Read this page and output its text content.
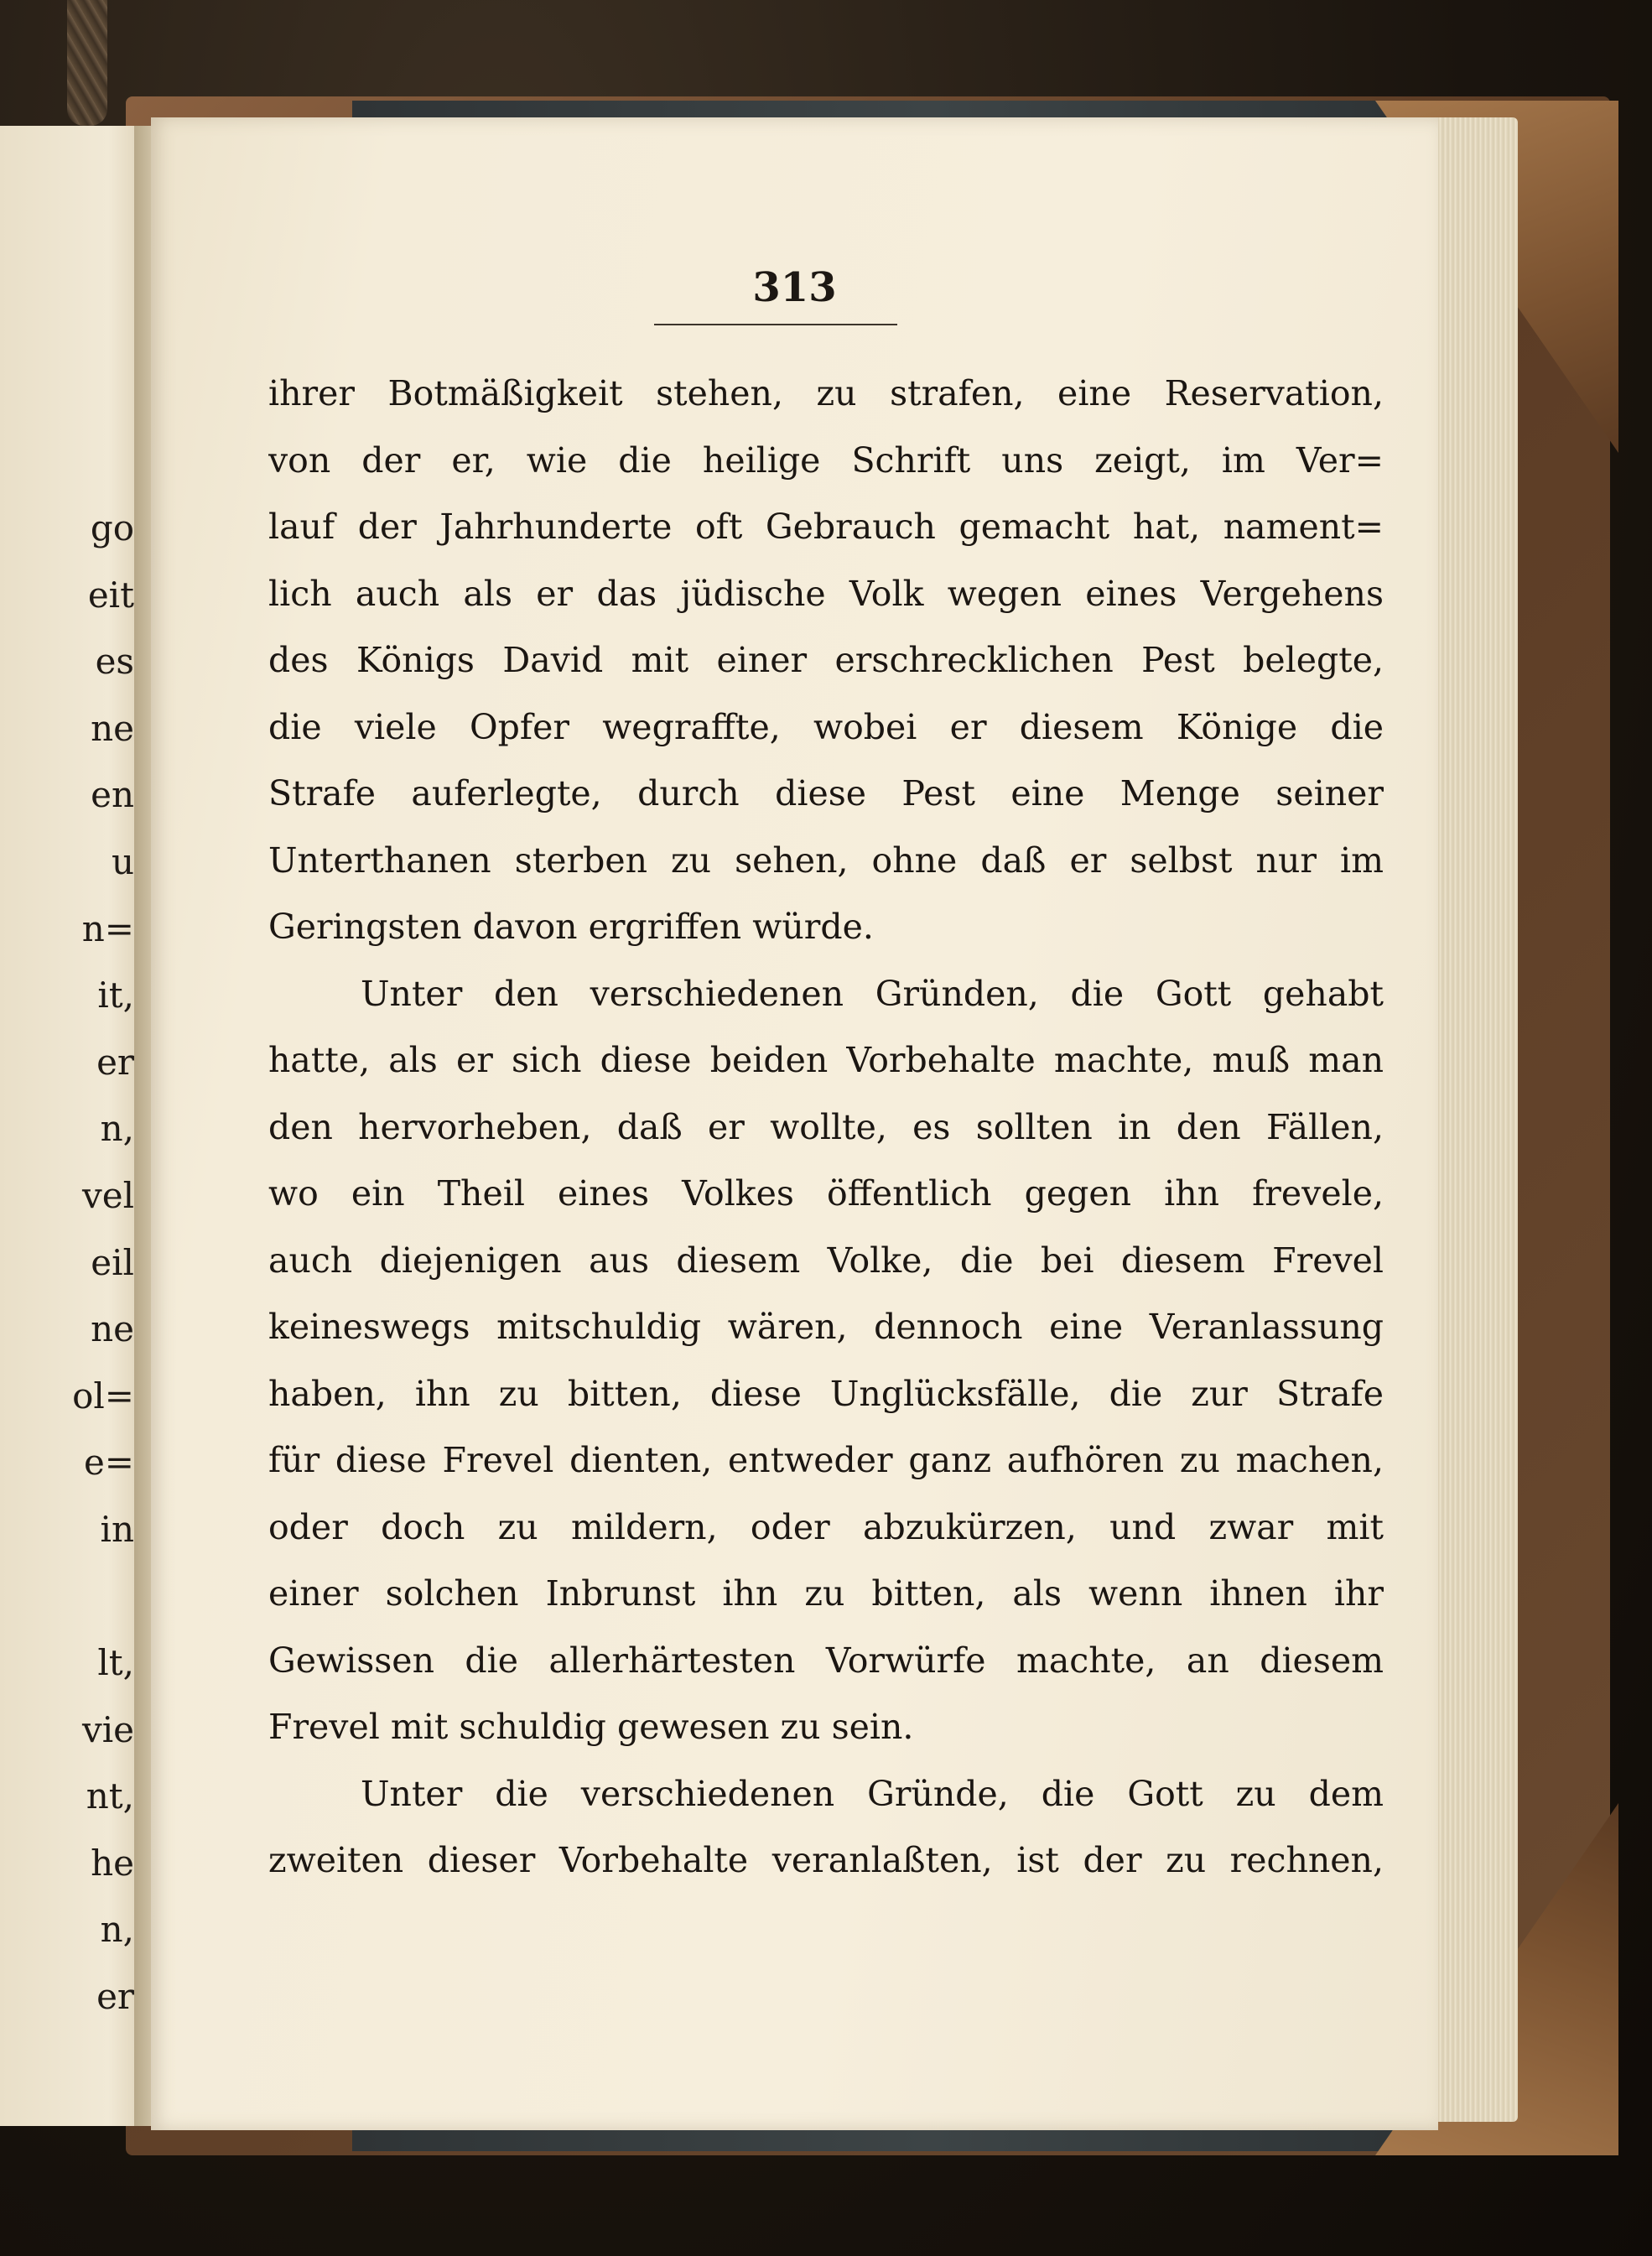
go
eit
es
ne
en
u
n=
it,
er
n,
vel
eil
ne
ol=
e=
in

lt,
vie
nt,
he
n,
er
313
ihrer Botmäßigkeit stehen, zu strafen, eine Reservation,
von der er, wie die heilige Schrift uns zeigt, im Ver=
lauf der Jahrhunderte oft Gebrauch gemacht hat, nament=
lich auch als er das jüdische Volk wegen eines Vergehens
des Königs David mit einer erschrecklichen Pest belegte,
die viele Opfer wegraffte, wobei er diesem Könige die
Strafe auferlegte, durch diese Pest eine Menge seiner
Unterthanen sterben zu sehen, ohne daß er selbst nur im
Geringsten davon ergriffen würde.
Unter den verschiedenen Gründen, die Gott gehabt
hatte, als er sich diese beiden Vorbehalte machte, muß man
den hervorheben, daß er wollte, es sollten in den Fällen,
wo ein Theil eines Volkes öffentlich gegen ihn frevele,
auch diejenigen aus diesem Volke, die bei diesem Frevel
keineswegs mitschuldig wären, dennoch eine Veranlassung
haben, ihn zu bitten, diese Unglücksfälle, die zur Strafe
für diese Frevel dienten, entweder ganz aufhören zu machen,
oder doch zu mildern, oder abzukürzen, und zwar mit
einer solchen Inbrunst ihn zu bitten, als wenn ihnen ihr
Gewissen die allerhärtesten Vorwürfe machte, an diesem
Frevel mit schuldig gewesen zu sein.
Unter die verschiedenen Gründe, die Gott zu dem
zweiten dieser Vorbehalte veranlaßten, ist der zu rechnen,
